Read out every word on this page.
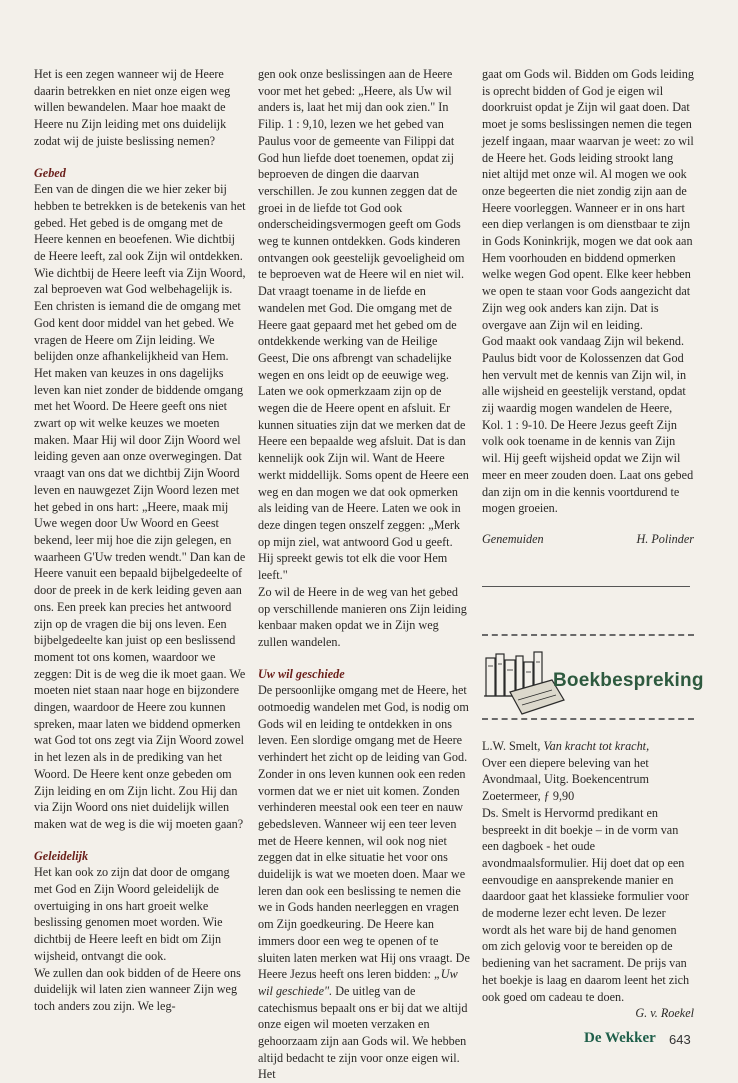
Het is een zegen wanneer wij de Heere daarin betrekken en niet onze eigen weg willen bewandelen. Maar hoe maakt de Heere nu Zijn leiding met ons duidelijk zodat wij de juiste beslissing nemen?

Gebed

Een van de dingen die we hier zeker bij hebben te betrekken is de betekenis van het gebed. Het gebed is de omgang met de Heere kennen en beoefenen. Wie dichtbij de Heere leeft, zal ook Zijn wil ontdekken. Wie dichtbij de Heere leeft via Zijn Woord, zal beproeven wat God welbehagelijk is.

Een christen is iemand die de omgang met God kent door middel van het gebed. We vragen de Heere om Zijn leiding. We belijden onze afhankelijkheid van Hem. Het maken van keuzes in ons dagelijks leven kan niet zonder de biddende omgang met het Woord. De Heere geeft ons niet zwart op wit welke keuzes we moeten maken. Maar Hij wil door Zijn Woord wel leiding geven aan onze overwegingen. Dat vraagt van ons dat we dichtbij Zijn Woord leven en nauwgezet Zijn Woord lezen met het gebed in ons hart: „Heere, maak mij Uwe wegen door Uw Woord en Geest bekend, leer mij hoe die zijn gelegen, en waarheen G'Uw treden wendt." Dan kan de Heere vanuit een bepaald bijbelgedeelte of door de preek in de kerk leiding geven aan ons. Een preek kan precies het antwoord zijn op de vragen die bij ons leven. Een bijbelgedeelte kan juist op een beslissend moment tot ons komen, waardoor we zeggen: Dit is de weg die ik moet gaan. We moeten niet staan naar hoge en bijzondere dingen, waardoor de Heere zou kunnen spreken, maar laten we biddend opmerken wat God tot ons zegt via Zijn Woord zowel in het lezen als in de prediking van het Woord. De Heere kent onze gebeden om Zijn leiding en om Zijn licht. Zou Hij dan via Zijn Woord ons niet duidelijk willen maken wat de weg is die wij moeten gaan?

Geleidelijk

Het kan ook zo zijn dat door de omgang met God en Zijn Woord geleidelijk de overtuiging in ons hart groeit welke beslissing genomen moet worden. Wie dichtbij de Heere leeft en bidt om Zijn wijsheid, ontvangt die ook.

We zullen dan ook bidden of de Heere ons duidelijk wil laten zien wanneer Zijn weg toch anders zou zijn. We leg-

gen ook onze beslissingen aan de Heere voor met het gebed: „Heere, als Uw wil anders is, laat het mij dan ook zien." In Filip. 1 : 9,10, lezen we het gebed van Paulus voor de gemeente van Filippi dat God hun liefde doet toenemen, opdat zij beproeven de dingen die daarvan verschillen. Je zou kunnen zeggen dat de groei in de liefde tot God ook onderscheidingsvermogen geeft om Gods weg te kunnen ontdekken. Gods kinderen ontvangen ook geestelijk gevoeligheid om te beproeven wat de Heere wil en niet wil. Dat vraagt toename in de liefde en wandelen met God. Die omgang met de Heere gaat gepaard met het gebed om de ontdekkende werking van de Heilige Geest, Die ons afbrengt van schadelijke wegen en ons leidt op de eeuwige weg. Laten we ook opmerkzaam zijn op de wegen die de Heere opent en afsluit. Er kunnen situaties zijn dat we merken dat de Heere een bepaalde weg afsluit. Dat is dan kennelijk ook Zijn wil. Want de Heere werkt middellijk. Soms opent de Heere een weg en dan mogen we dat ook opmerken als leiding van de Heere. Laten we ook in deze dingen tegen onszelf zeggen: „Merk op mijn ziel, wat antwoord God u geeft. Hij spreekt gewis tot elk die voor Hem leeft."

Zo wil de Heere in de weg van het gebed op verschillende manieren ons Zijn leiding kenbaar maken opdat we in Zijn weg zullen wandelen.

Uw wil geschiede

De persoonlijke omgang met de Heere, het ootmoedig wandelen met God, is nodig om Gods wil en leiding te ontdekken in ons leven. Een slordige omgang met de Heere verhindert het zicht op de leiding van God. Zonder in ons leven kunnen ook een reden vormen dat we er niet uit komen. Zonden verhinderen meestal ook een teer en nauw gebedsleven. Wanneer wij een teer leven met de Heere kennen, wil ook nog niet zeggen dat in elke situatie het voor ons duidelijk is wat we moeten doen. Maar we leren dan ook een beslissing te nemen die we in Gods handen neerleggen en vragen om Zijn goedkeuring. De Heere kan immers door een weg te openen of te sluiten laten merken wat Hij ons vraagt. De Heere Jezus heeft ons leren bidden: „Uw wil geschiede". De uitleg van de catechismus bepaalt ons er bij dat we altijd onze eigen wil moeten verzaken en gehoorzaam zijn aan Gods wil. We hebben altijd bedacht te zijn voor onze eigen wil. Het

gaat om Gods wil. Bidden om Gods leiding is oprecht bidden of God je eigen wil doorkruist opdat je Zijn wil gaat doen. Dat moet je soms beslissingen nemen die tegen jezelf ingaan, maar waarvan je weet: zo wil de Heere het. Gods leiding strookt lang niet altijd met onze wil. Al mogen we ook onze begeerten die niet zondig zijn aan de Heere voorleggen. Wanneer er in ons hart een diep verlangen is om dienstbaar te zijn in Gods Koninkrijk, mogen we dat ook aan Hem voorhouden en biddend opmerken welke wegen God opent. Elke keer hebben we open te staan voor Gods aangezicht dat Zijn weg ook anders kan zijn. Dat is overgave aan Zijn wil en leiding.

God maakt ook vandaag Zijn wil bekend. Paulus bidt voor de Kolossenzen dat God hen vervult met de kennis van Zijn wil, in alle wijsheid en geestelijk verstand, opdat zij waardig mogen wandelen de Heere, Kol. 1 : 9-10. De Heere Jezus geeft Zijn volk ook toename in de kennis van Zijn wil. Hij geeft wijsheid opdat we Zijn wil meer en meer zouden doen. Laat ons gebed dan zijn om in die kennis voortdurend te mogen groeien.

Genemuiden	H. Polinder
Boekbespreking

L.W. Smelt, Van kracht tot kracht,

Over een diepere beleving van het Avondmaal, Uitg. Boekencentrum Zoetermeer, ƒ 9,90

Ds. Smelt is Hervormd predikant en bespreekt in dit boekje – in de vorm van een dagboek - het oude avondmaalsformulier. Hij doet dat op een eenvoudige en aansprekende manier en daardoor gaat het klassieke formulier voor de moderne lezer echt leven. De lezer wordt als het ware bij de hand genomen om zich gelovig voor te bereiden op de bediening van het sacrament. De prijs van het boekje is laag en daarom leent het zich ook goed om cadeau te doen.

G. v. Roekel

De Wekker 643
